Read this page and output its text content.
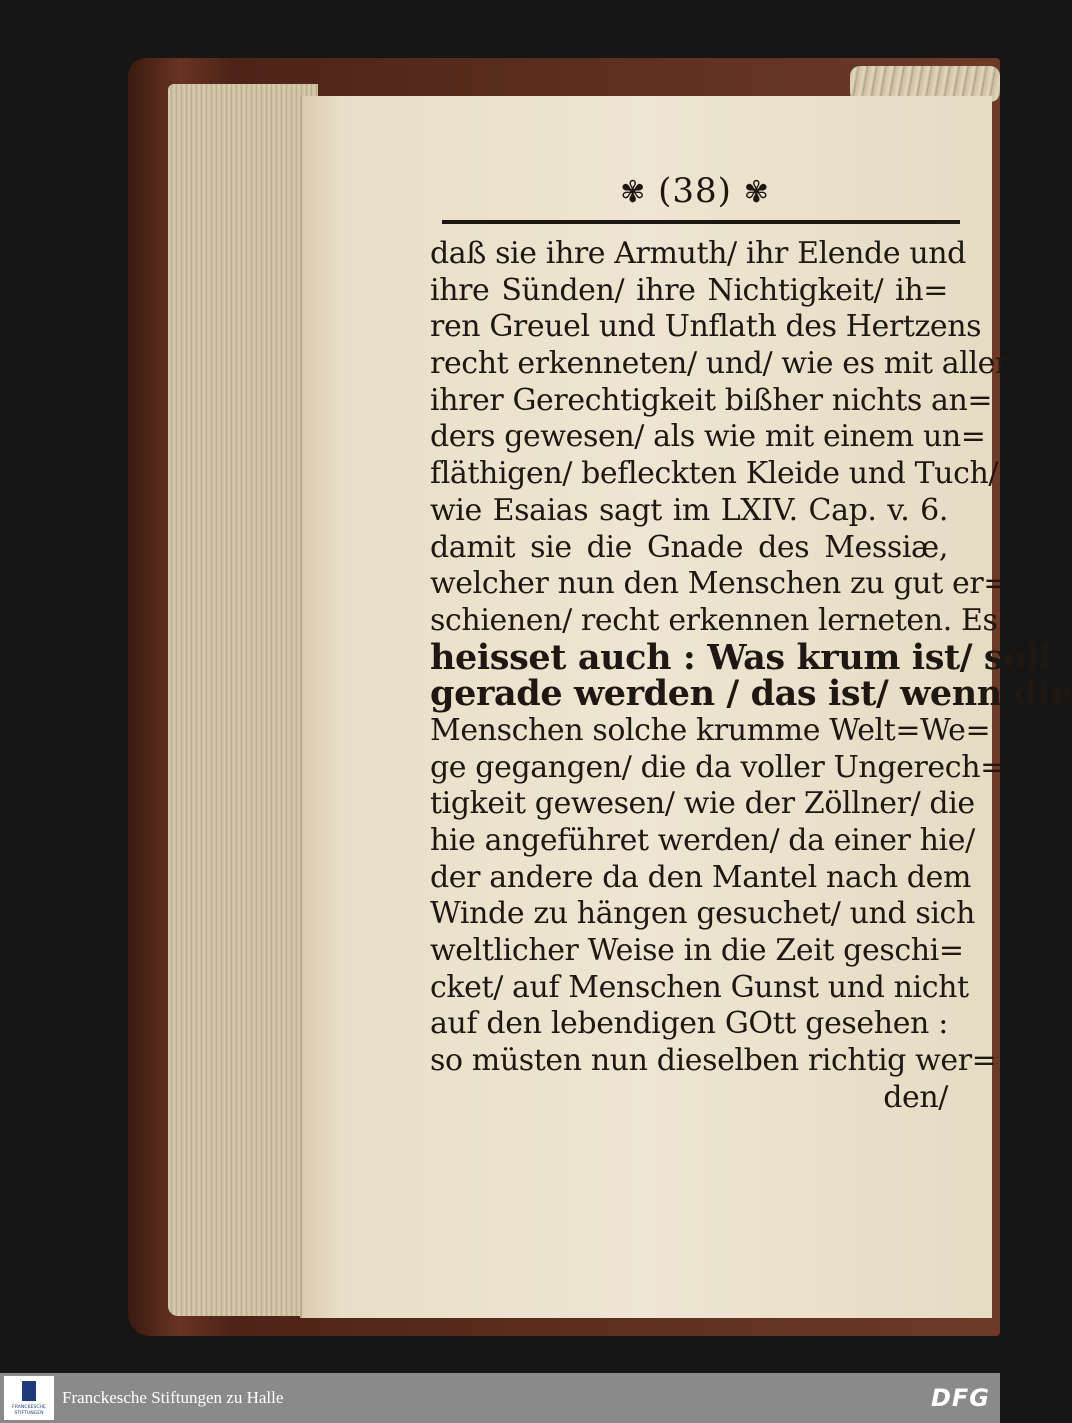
✾ (38) ✾
daß sie ihre Armuth/ ihr Elende und
ihre Sünden/ ihre Nichtigkeit/ ih=
ren Greuel und Unflath des Hertzens
recht erkenneten/ und/ wie es mit aller
ihrer Gerechtigkeit bißher nichts an=
ders gewesen/ als wie mit einem un=
fläthigen/ befleckten Kleide und Tuch/
wie Esaias sagt im LXIV. Cap. v. 6.
damit sie die Gnade des Messiæ,
welcher nun den Menschen zu gut er=
schienen/ recht erkennen lerneten. Es
heisset auch : Was krum ist/ soll
gerade werden / das ist/ wenn die
Menschen solche krumme Welt=We=
ge gegangen/ die da voller Ungerech=
tigkeit gewesen/ wie der Zöllner/ die
hie angeführet werden/ da einer hie/
der andere da den Mantel nach dem
Winde zu hängen gesuchet/ und sich
weltlicher Weise in die Zeit geschi=
cket/ auf Menschen Gunst und nicht
auf den lebendigen GOtt gesehen :
so müsten nun dieselben richtig wer=
den/
FRANCKESCHE STIFTUNGEN
Franckesche Stiftungen zu Halle	DFG
